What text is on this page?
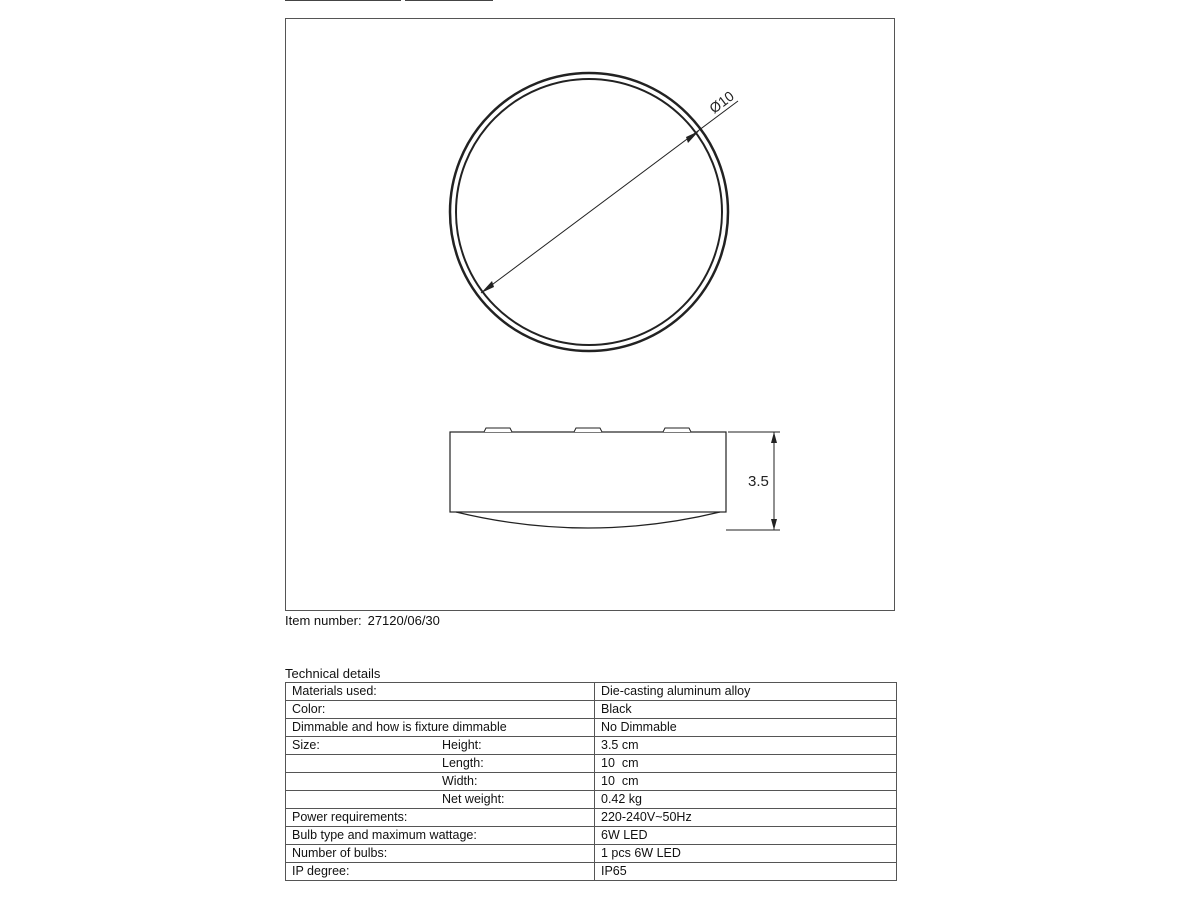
Ø10
3.5
Item number: 27120/06/30
Technical details
Materials used:	Die-casting aluminum alloy
Color:	Black
Dimmable and how is fixture dimmable	No Dimmable

Size: Height:	3.5 cm

Length:	10  cm

Width:	10  cm

Net weight:	0.42 kg
Power requirements:	220-240V~50Hz
Bulb type and maximum wattage:	6W LED
Number of bulbs:	1 pcs 6W LED
IP degree:	IP65
